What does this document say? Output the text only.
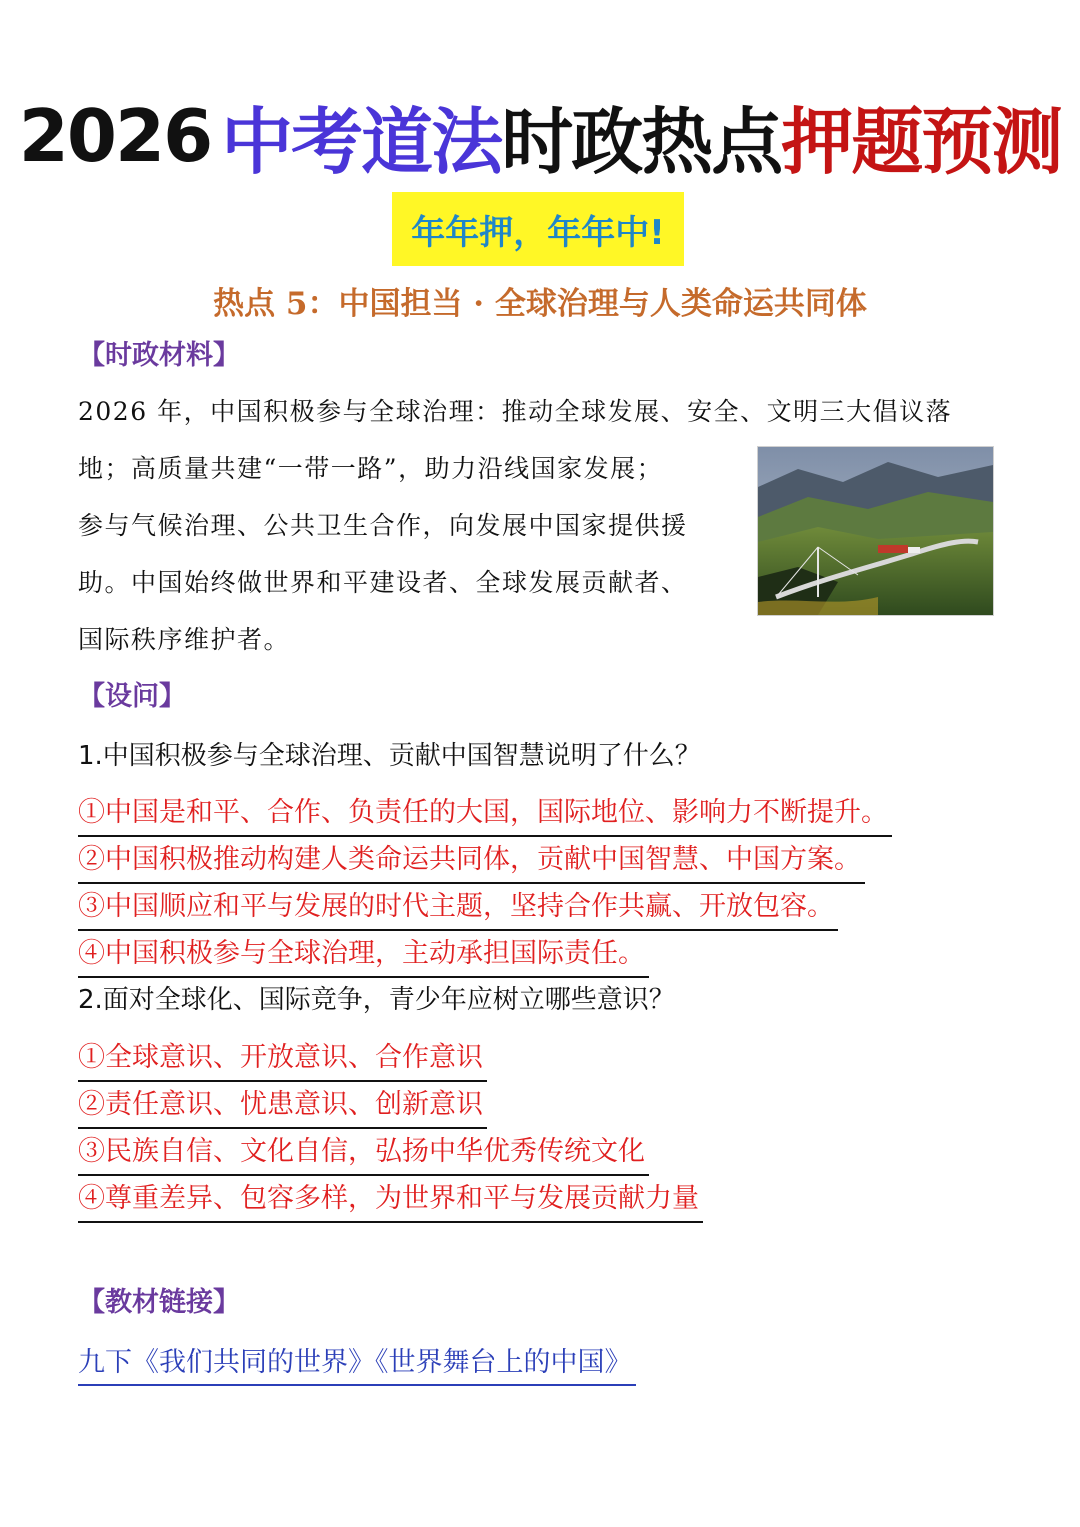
2026 中考道法 时政热点 押题预测
年年押，年年中!
热点 5：中国担当 · 全球治理与人类命运共同体
【时政材料】
2026 年，中国积极参与全球治理：推动全球发展、安全、文明三大倡议落
地；高质量共建“一带一路”，助力沿线国家发展；
参与气候治理、公共卫生合作，向发展中国家提供援
助。中国始终做世界和平建设者、全球发展贡献者、
国际秩序维护者。
【设问】
1.中国积极参与全球治理、贡献中国智慧说明了什么？
①中国是和平、合作、负责任的大国，国际地位、影响力不断提升。
②中国积极推动构建人类命运共同体，贡献中国智慧、中国方案。
③中国顺应和平与发展的时代主题，坚持合作共赢、开放包容。
④中国积极参与全球治理，主动承担国际责任。
2.面对全球化、国际竞争，青少年应树立哪些意识？
①全球意识、开放意识、合作意识
②责任意识、忧患意识、创新意识
③民族自信、文化自信，弘扬中华优秀传统文化
④尊重差异、包容多样，为世界和平与发展贡献力量
【教材链接】
九下《我们共同的世界》《世界舞台上的中国》
